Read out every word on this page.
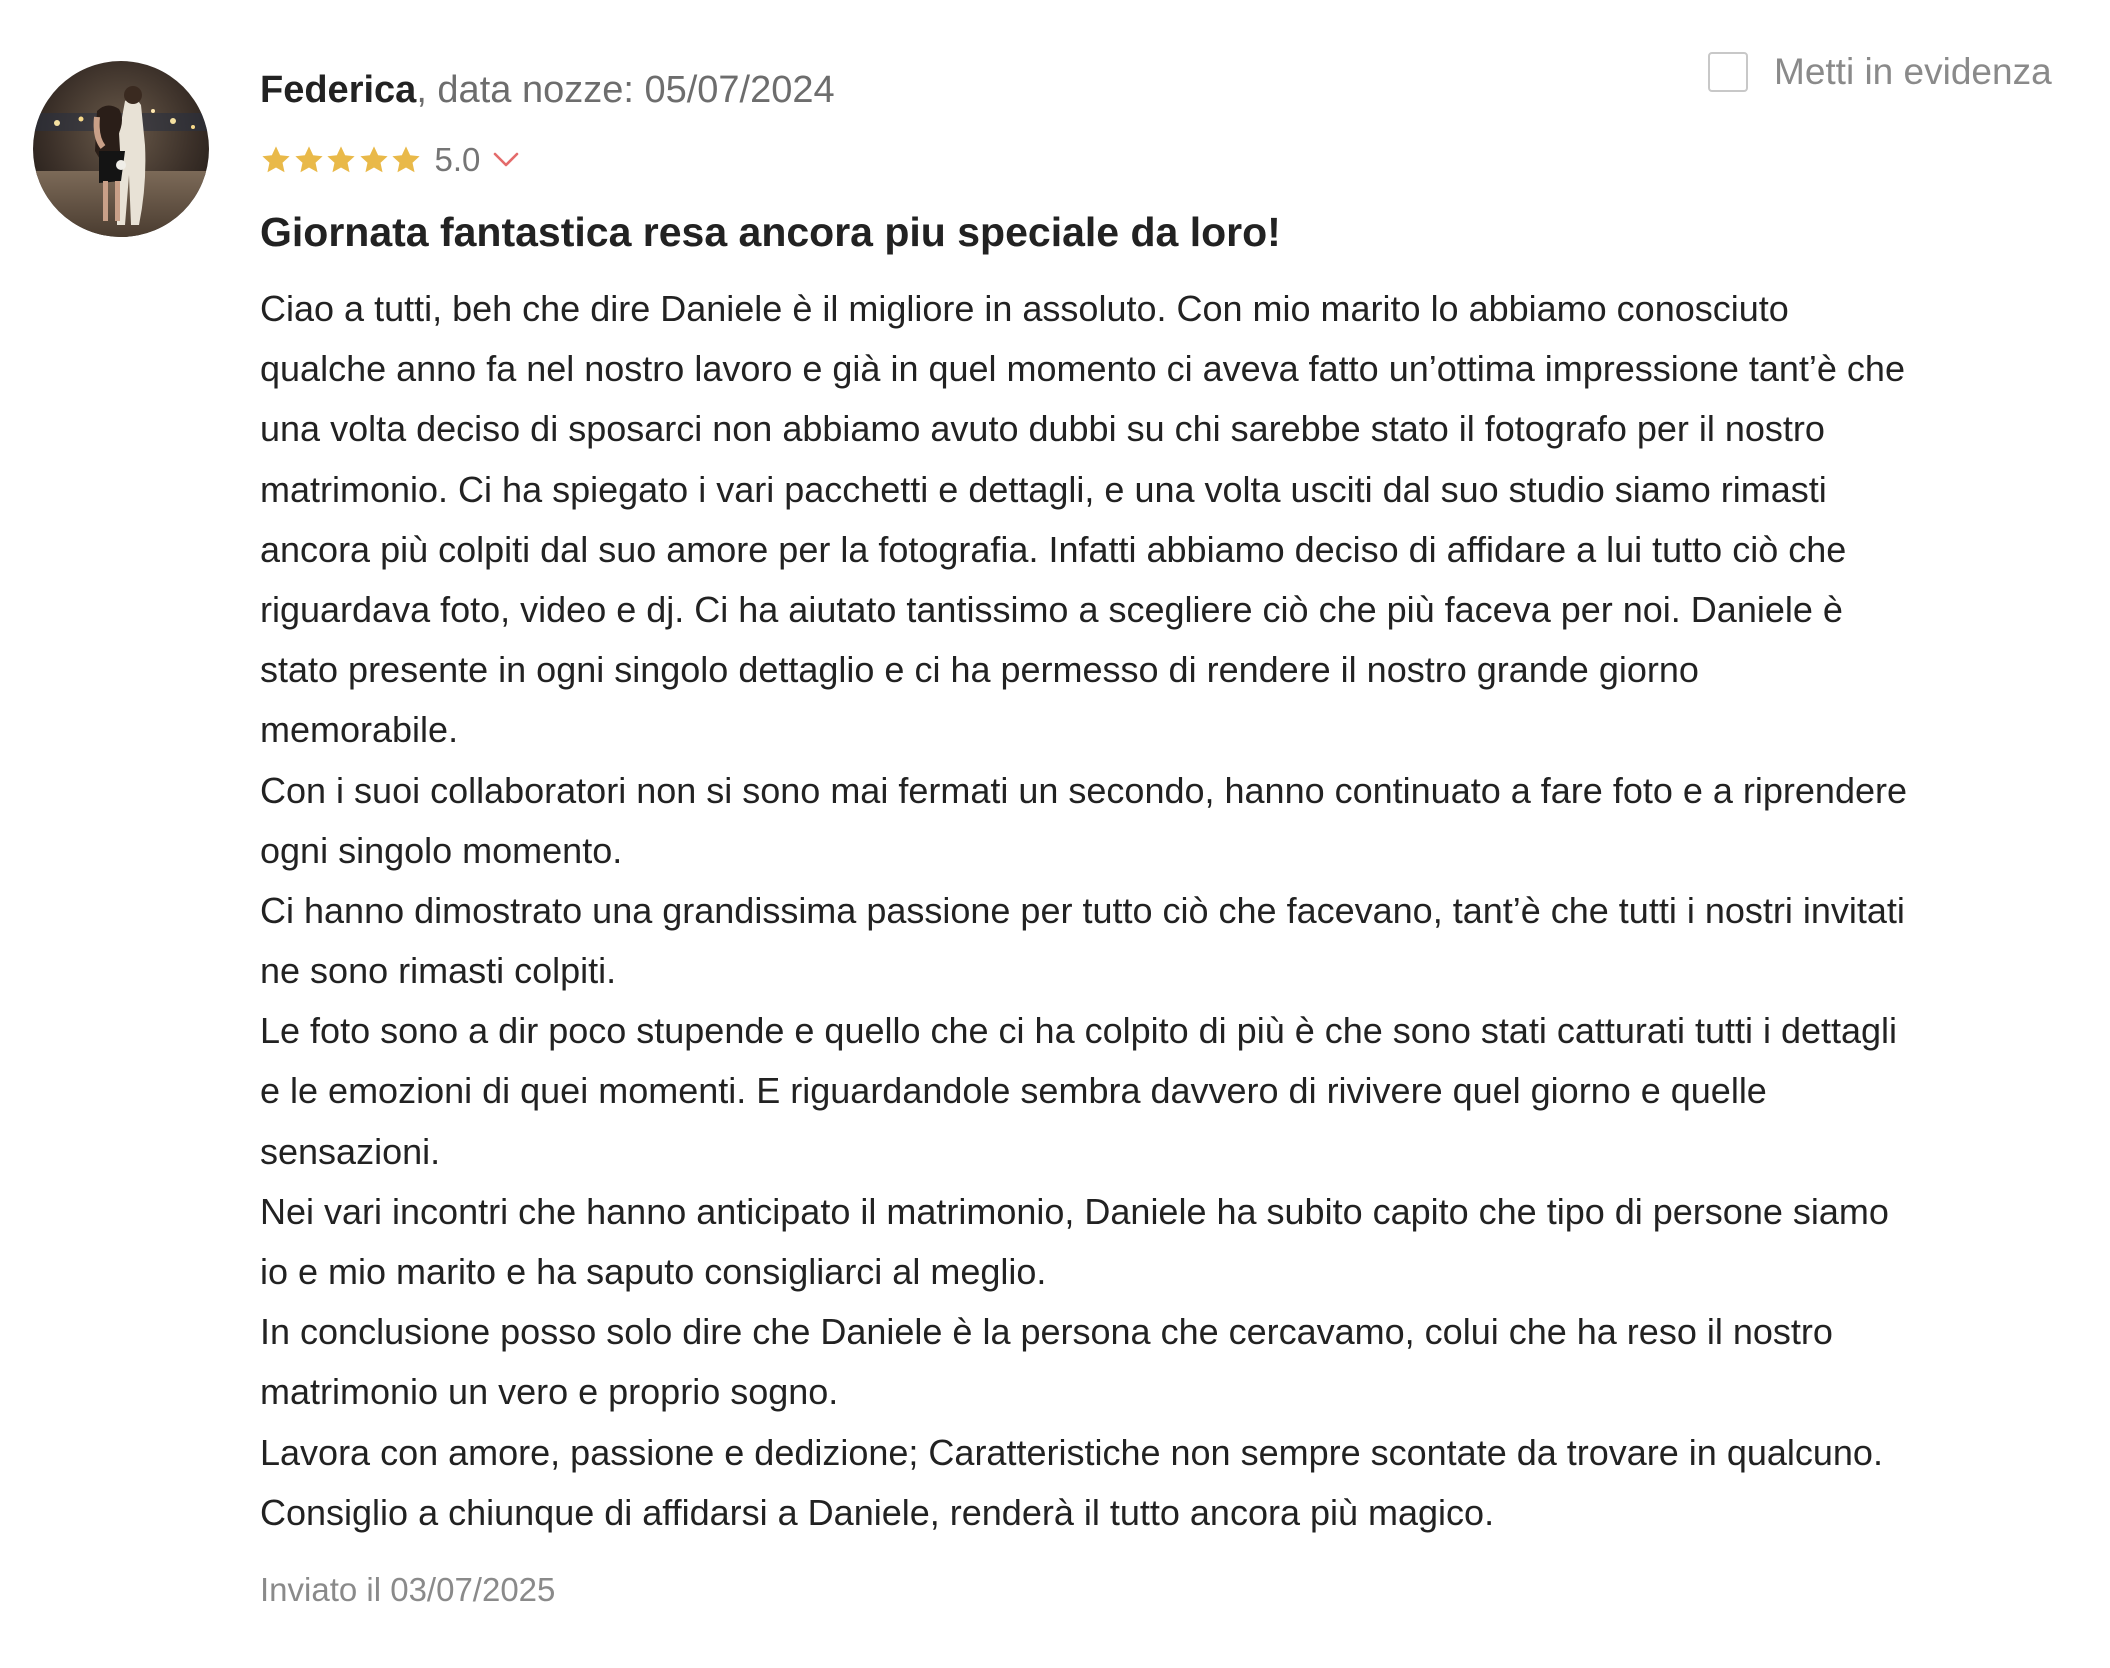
Federica, data nozze: 05/07/2024	Metti in evidenza
5.0
Giornata fantastica resa ancora piu speciale da loro!
Ciao a tutti, beh che dire Daniele è il migliore in assoluto. Con mio marito lo abbiamo conosciuto
qualche anno fa nel nostro lavoro e già in quel momento ci aveva fatto un’ottima impressione tant’è che
una volta deciso di sposarci non abbiamo avuto dubbi su chi sarebbe stato il fotografo per il nostro
matrimonio. Ci ha spiegato i vari pacchetti e dettagli, e una volta usciti dal suo studio siamo rimasti
ancora più colpiti dal suo amore per la fotografia. Infatti abbiamo deciso di affidare a lui tutto ciò che
riguardava foto, video e dj. Ci ha aiutato tantissimo a scegliere ciò che più faceva per noi. Daniele è
stato presente in ogni singolo dettaglio e ci ha permesso di rendere il nostro grande giorno
memorabile.
Con i suoi collaboratori non si sono mai fermati un secondo, hanno continuato a fare foto e a riprendere
ogni singolo momento.
Ci hanno dimostrato una grandissima passione per tutto ciò che facevano, tant’è che tutti i nostri invitati
ne sono rimasti colpiti.
Le foto sono a dir poco stupende e quello che ci ha colpito di più è che sono stati catturati tutti i dettagli
e le emozioni di quei momenti. E riguardandole sembra davvero di rivivere quel giorno e quelle
sensazioni.
Nei vari incontri che hanno anticipato il matrimonio, Daniele ha subito capito che tipo di persone siamo
io e mio marito e ha saputo consigliarci al meglio.
In conclusione posso solo dire che Daniele è la persona che cercavamo, colui che ha reso il nostro
matrimonio un vero e proprio sogno.
Lavora con amore, passione e dedizione; Caratteristiche non sempre scontate da trovare in qualcuno.
Consiglio a chiunque di affidarsi a Daniele, renderà il tutto ancora più magico.
Inviato il 03/07/2025
